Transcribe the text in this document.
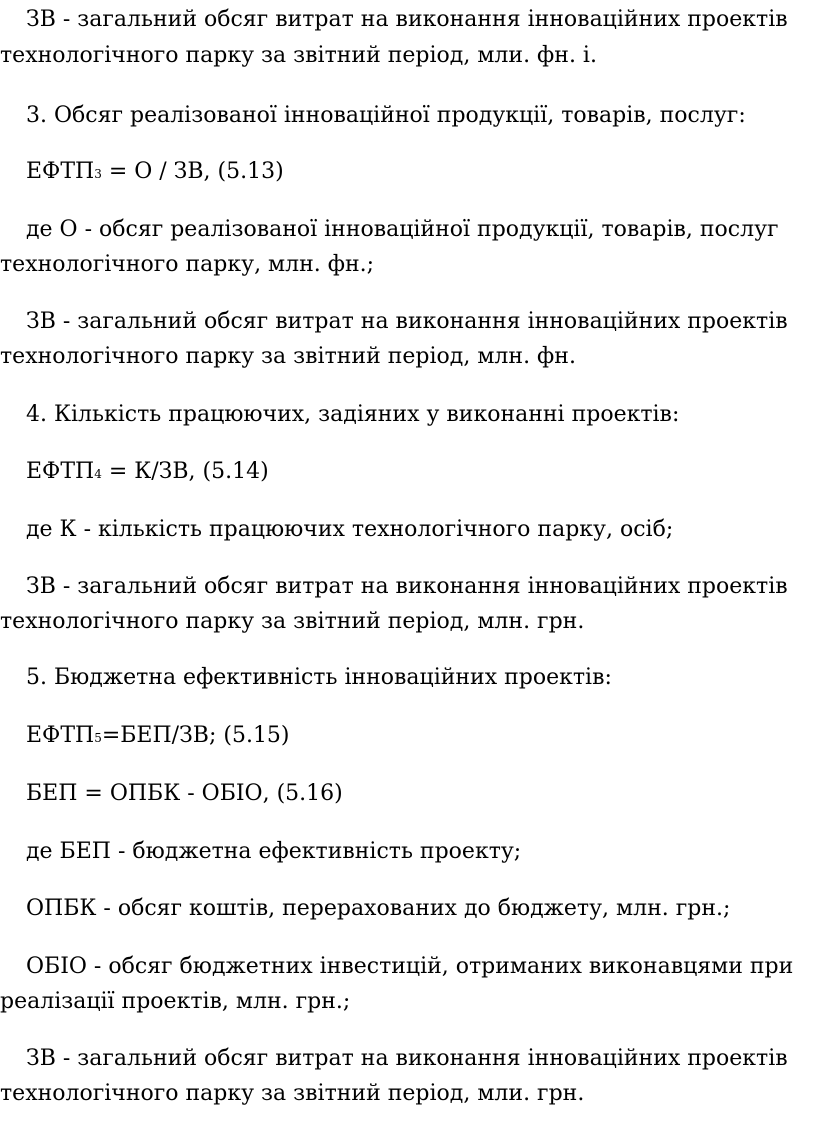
ЗВ - загальний обсяг витрат на виконання інноваційних проектів
технологічного парку за звітний період, мли. фн. і.
3. Обсяг реалізованої інноваційної продукції, товарів, послуг:
ЕФТП3 = О / ЗВ, (5.13)
де О - обсяг реалізованої інноваційної продукції, товарів, послуг
технологічного парку, млн. фн.;
ЗВ - загальний обсяг витрат на виконання інноваційних проектів
технологічного парку за звітний період, млн. фн.
4. Кількість працюючих, задіяних у виконанні проектів:
ЕФТП4 = К/ЗВ, (5.14)
де К - кількість працюючих технологічного парку, осіб;
ЗВ - загальний обсяг витрат на виконання інноваційних проектів
технологічного парку за звітний період, млн. грн.
5. Бюджетна ефективність інноваційних проектів:
ЕФТП5=БЕП/ЗВ; (5.15)
БЕП = ОПБК - ОБІО, (5.16)
де БЕП - бюджетна ефективність проекту;
ОПБК - обсяг коштів, перерахованих до бюджету, млн. грн.;
ОБІО - обсяг бюджетних інвестицій, отриманих виконавцями при
реалізації проектів, млн. грн.;
ЗВ - загальний обсяг витрат на виконання інноваційних проектів
технологічного парку за звітний період, мли. грн.
